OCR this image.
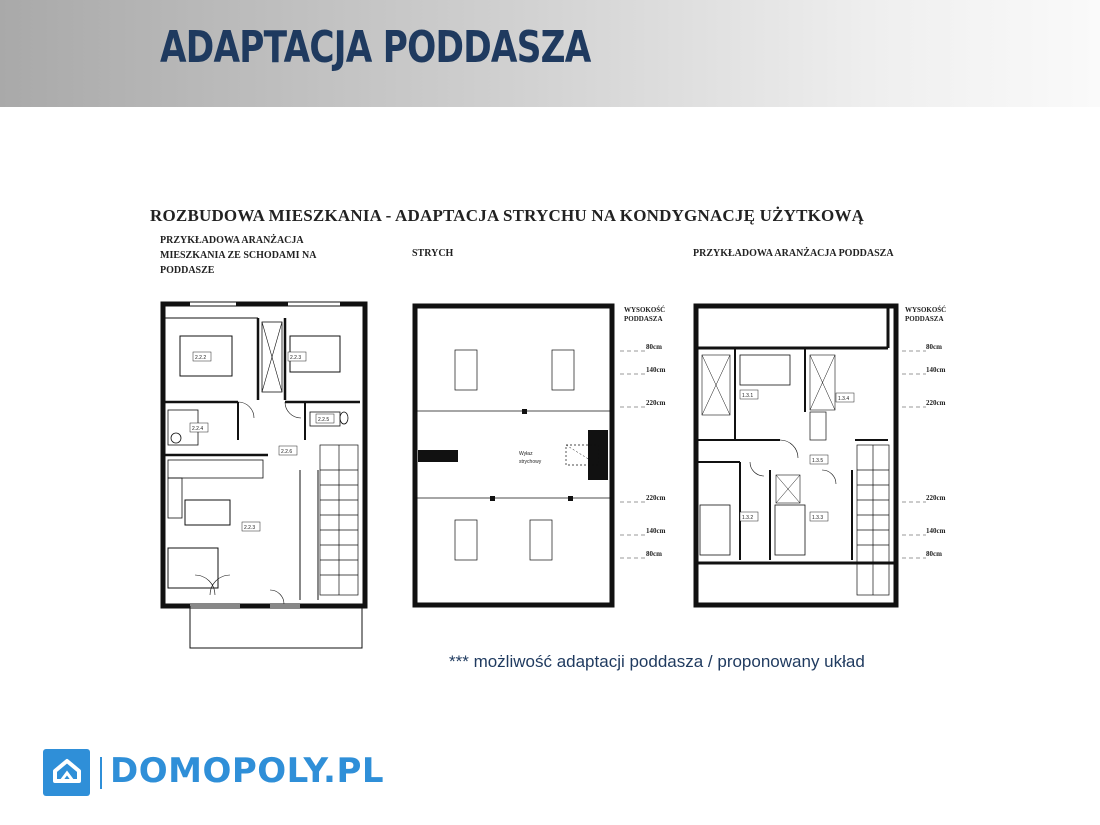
ADAPTACJA PODDASZA
ROZBUDOWA MIESZKANIA - ADAPTACJA STRYCHU NA KONDYGNACJĘ UŻYTKOWĄ
PRZYKŁADOWA ARANŻACJA
MIESZKANIA ZE SCHODAMI NA
PODDASZE
STRYCH	PRZYKŁADOWA ARANŻACJA PODDASZA
2.2.2	2.2.3
2.2.4
2.2.5
2.2.6
2.2.3
Wyłaz
strychowy
WYSOKOŚĆ
PODDASZA
80cm
140cm
220cm
220cm
140cm
80cm
1.3.1	1.3.4
1.3.5
1.3.2	1.3.3
WYSOKOŚĆ
PODDASZA
80cm
140cm
220cm
220cm
140cm
80cm
*** możliwość adaptacji poddasza / proponowany układ
DOMOPOLY.PL
